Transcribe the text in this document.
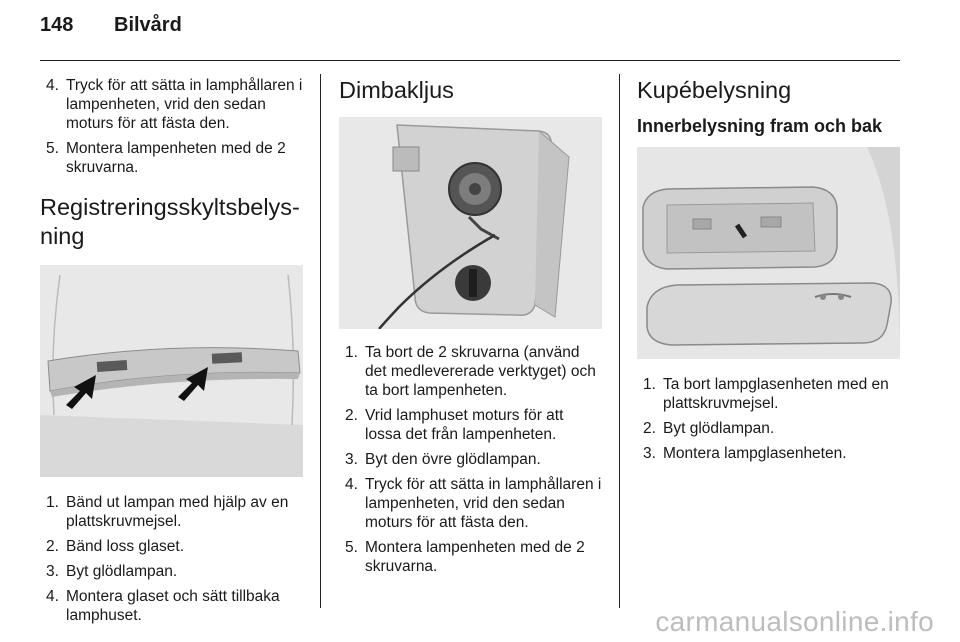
148 Bilvård
4. Tryck för att sätta in lamphållaren i lampenheten, vrid den sedan moturs för att fästa den.
5. Montera lampenheten med de 2 skruvarna.
Registreringsskyltsbelys-ning
1. Bänd ut lampan med hjälp av en plattskruvmejsel.
2. Bänd loss glaset.
3. Byt glödlampan.
4. Montera glaset och sätt tillbaka lamphuset.
Dimbakljus
1. Ta bort de 2 skruvarna (använd det medlevererade verktyget) och ta bort lampenheten.
2. Vrid lamphuset moturs för att lossa det från lampenheten.
3. Byt den övre glödlampan.
4. Tryck för att sätta in lamphållaren i lampenheten, vrid den sedan moturs för att fästa den.
5. Montera lampenheten med de 2 skruvarna.
Kupébelysning
Innerbelysning fram och bak
1. Ta bort lampglasenheten med en plattskruvmejsel.
2. Byt glödlampan.
3. Montera lampglasenheten.
carmanualsonline.info
